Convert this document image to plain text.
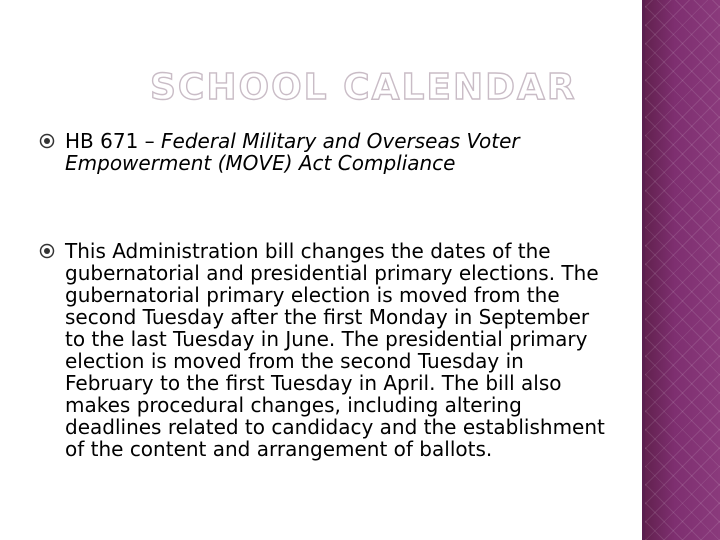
SCHOOL CALENDAR

HB 671 – Federal Military and Overseas Voter Empowerment (MOVE) Act Compliance

This Administration bill changes the dates of the gubernatorial and presidential primary elections. The gubernatorial primary election is moved from the second Tuesday after the first Monday in September to the last Tuesday in June. The presidential primary election is moved from the second Tuesday in February to the first Tuesday in April. The bill also makes procedural changes, including altering deadlines related to candidacy and the establishment of the content and arrangement of ballots.
